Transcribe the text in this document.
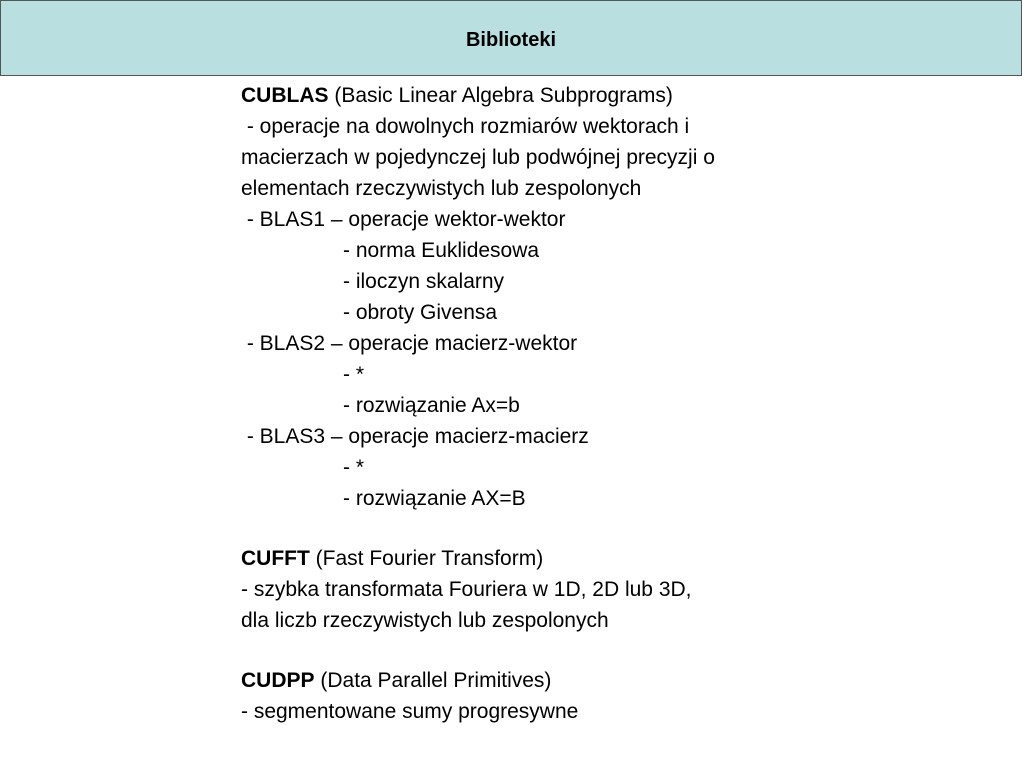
Biblioteki
CUBLAS (Basic Linear Algebra Subprograms)
- operacje na dowolnych rozmiarów wektorach i
macierzach w pojedynczej lub podwójnej precyzji o
elementach rzeczywistych lub zespolonych
- BLAS1 – operacje wektor-wektor
- norma Euklidesowa
- iloczyn skalarny
- obroty Givensa
- BLAS2 – operacje macierz-wektor
- *
- rozwiązanie Ax=b
- BLAS3 – operacje macierz-macierz
- *
- rozwiązanie AX=B
CUFFT (Fast Fourier Transform)
- szybka transformata Fouriera w 1D, 2D lub 3D,
dla liczb rzeczywistych lub zespolonych
CUDPP (Data Parallel Primitives)
- segmentowane sumy progresywne
